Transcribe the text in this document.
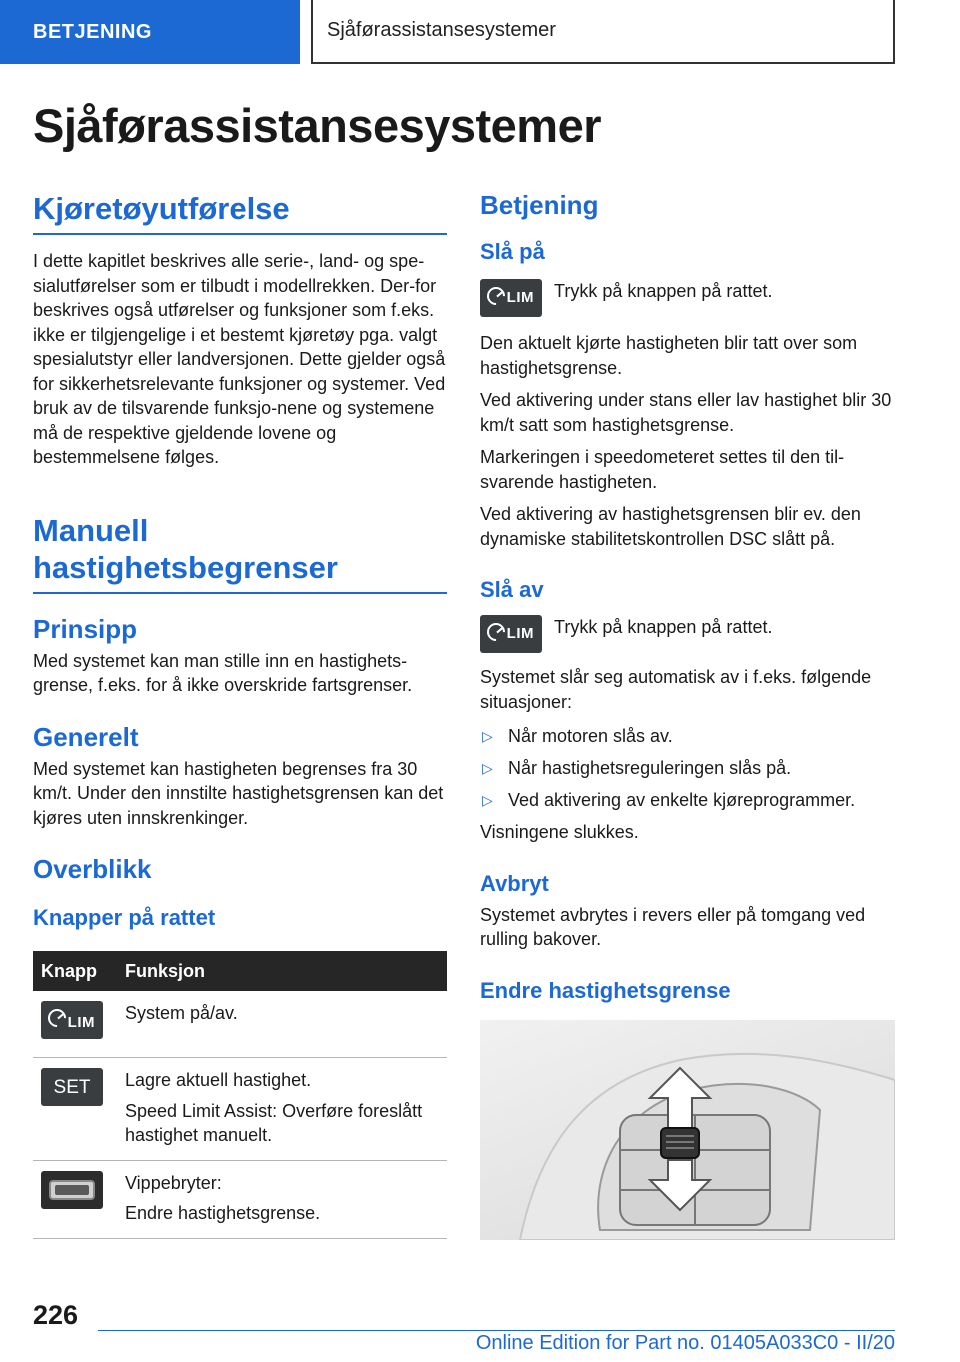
BETJENING	Sjåførassistansesystemer
Sjåførassistansesystemer
Kjøretøyutførelse

I dette kapitlet beskrives alle serie-, land- og spe-sialutførelser som er tilbudt i modellrekken. Der-for beskrives også utførelser og funksjoner som f.eks. ikke er tilgjengelige i et bestemt kjøretøy pga. valgt spesialutstyr eller landversjonen. Dette gjelder også for sikkerhetsrelevante funksjoner og systemer. Ved bruk av de tilsvarende funksjo-nene og systemene må de respektive gjeldende lovene og bestemmelsene følges.

Manuell
hastighetsbegrenser
Prinsipp

Med systemet kan man stille inn en hastighets-grense, f.eks. for å ikke overskride fartsgrenser.

Generelt

Med systemet kan hastigheten begrenses fra 30 km/t. Under den innstilte hastighetsgrensen kan det kjøres uten innskrenkinger.

Overblikk
Knapper på rattet
Knapp	Funksjon

LIM	System på/av.

SET	Lagre aktuell hastighet.

Speed Limit Assist: Overføre foreslått hastighet manuelt.

	Vippebryter:

Endre hastighetsgrense.

Betjening
Slå på
LIM Trykk på knappen på rattet.

Den aktuelt kjørte hastigheten blir tatt over som hastighetsgrense.

Ved aktivering under stans eller lav hastighet blir 30 km/t satt som hastighetsgrense.

Markeringen i speedometeret settes til den til-svarende hastigheten.

Ved aktivering av hastighetsgrensen blir ev. den dynamiske stabilitetskontrollen DSC slått på.

Slå av
LIM Trykk på knappen på rattet.

Systemet slår seg automatisk av i f.eks. følgende situasjoner:

▷ Når motoren slås av.
▷ Når hastighetsreguleringen slås på.
▷ Ved aktivering av enkelte kjøreprogrammer.

Visningene slukkes.

Avbryt

Systemet avbrytes i revers eller på tomgang ved rulling bakover.

Endre hastighetsgrense
226
Online Edition for Part no. 01405A033C0 - II/20
